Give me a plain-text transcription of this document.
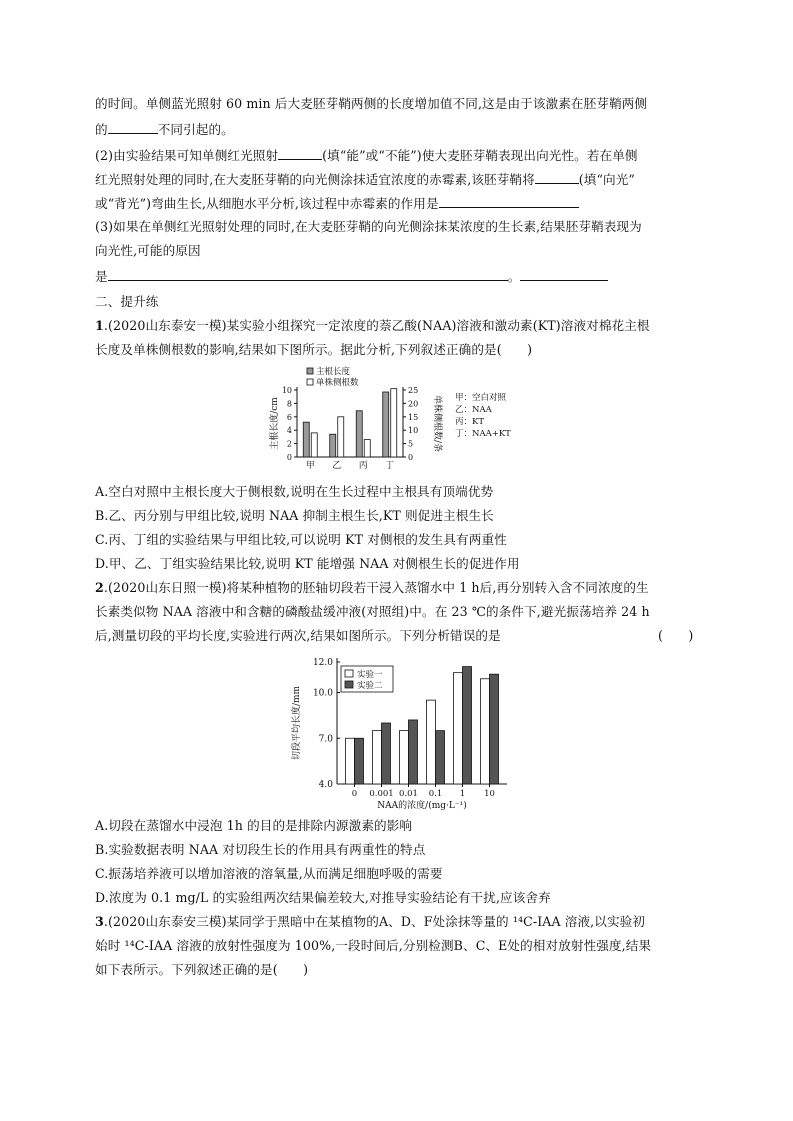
的时间。单侧蓝光照射 60 min 后大麦胚芽鞘两侧的长度增加值不同,这是由于该激素在胚芽鞘两侧
的	不同引起的。
(2)由实验结果可知单侧红光照射	(填“能”或“不能”)使大麦胚芽鞘表现出向光性。若在单侧
红光照射处理的同时,在大麦胚芽鞘的向光侧涂抹适宜浓度的赤霉素,该胚芽鞘将	(填“向光”
或“背光”)弯曲生长,从细胞水平分析,该过程中赤霉素的作用是
(3)如果在单侧红光照射处理的同时,在大麦胚芽鞘的向光侧涂抹某浓度的生长素,结果胚芽鞘表现为
向光性,可能的原因
是	。
二、提升练
1.(2020山东泰安一模)某实验小组探究一定浓度的萘乙酸(NAA)溶液和激动素(KT)溶液对棉花主根
长度及单株侧根数的影响,结果如下图所示。据此分析,下列叙述正确的是(　　)
0
2
4
6
8
10
0
5
10
15
20
25
主根长度/cm	单株侧根数/条
甲 乙 丙 丁
主根长度
单株侧根数
甲：空白对照
乙：NAA
丙：KT
丁：NAA+KT
A.空白对照中主根长度大于侧根数,说明在生长过程中主根具有顶端优势
B.乙、丙分别与甲组比较,说明 NAA 抑制主根生长,KT 则促进主根生长
C.丙、丁组的实验结果与甲组比较,可以说明 KT 对侧根的发生具有两重性
D.甲、乙、丁组实验结果比较,说明 KT 能增强 NAA 对侧根生长的促进作用
2.(2020山东日照一模)将某种植物的胚轴切段若干浸入蒸馏水中 1 h后,再分别转入含不同浓度的生
长素类似物 NAA 溶液中和含糖的磷酸盐缓冲液(对照组)中。在 23 ℃的条件下,避光振荡培养 24 h
后,测量切段的平均长度,实验进行两次,结果如图所示。下列分析错误的是	(　　)
4.0
7.0
10.0
12.0
切段平均长度/mm
0 0.001 0.01 0.1 1 10
NAA的浓度/(mg·L⁻¹)
实验一
实验二
A.切段在蒸馏水中浸泡 1h 的目的是排除内源激素的影响
B.实验数据表明 NAA 对切段生长的作用具有两重性的特点
C.振荡培养液可以增加溶液的溶氧量,从而满足细胞呼吸的需要
D.浓度为 0.1 mg/L 的实验组两次结果偏差较大,对推导实验结论有干扰,应该舍弃
3.(2020山东泰安三模)某同学于黑暗中在某植物的A、D、F处涂抹等量的 ¹⁴C-IAA 溶液,以实验初
始时 ¹⁴C-IAA 溶液的放射性强度为 100%,一段时间后,分别检测B、C、E处的相对放射性强度,结果
如下表所示。下列叙述正确的是(　　)
